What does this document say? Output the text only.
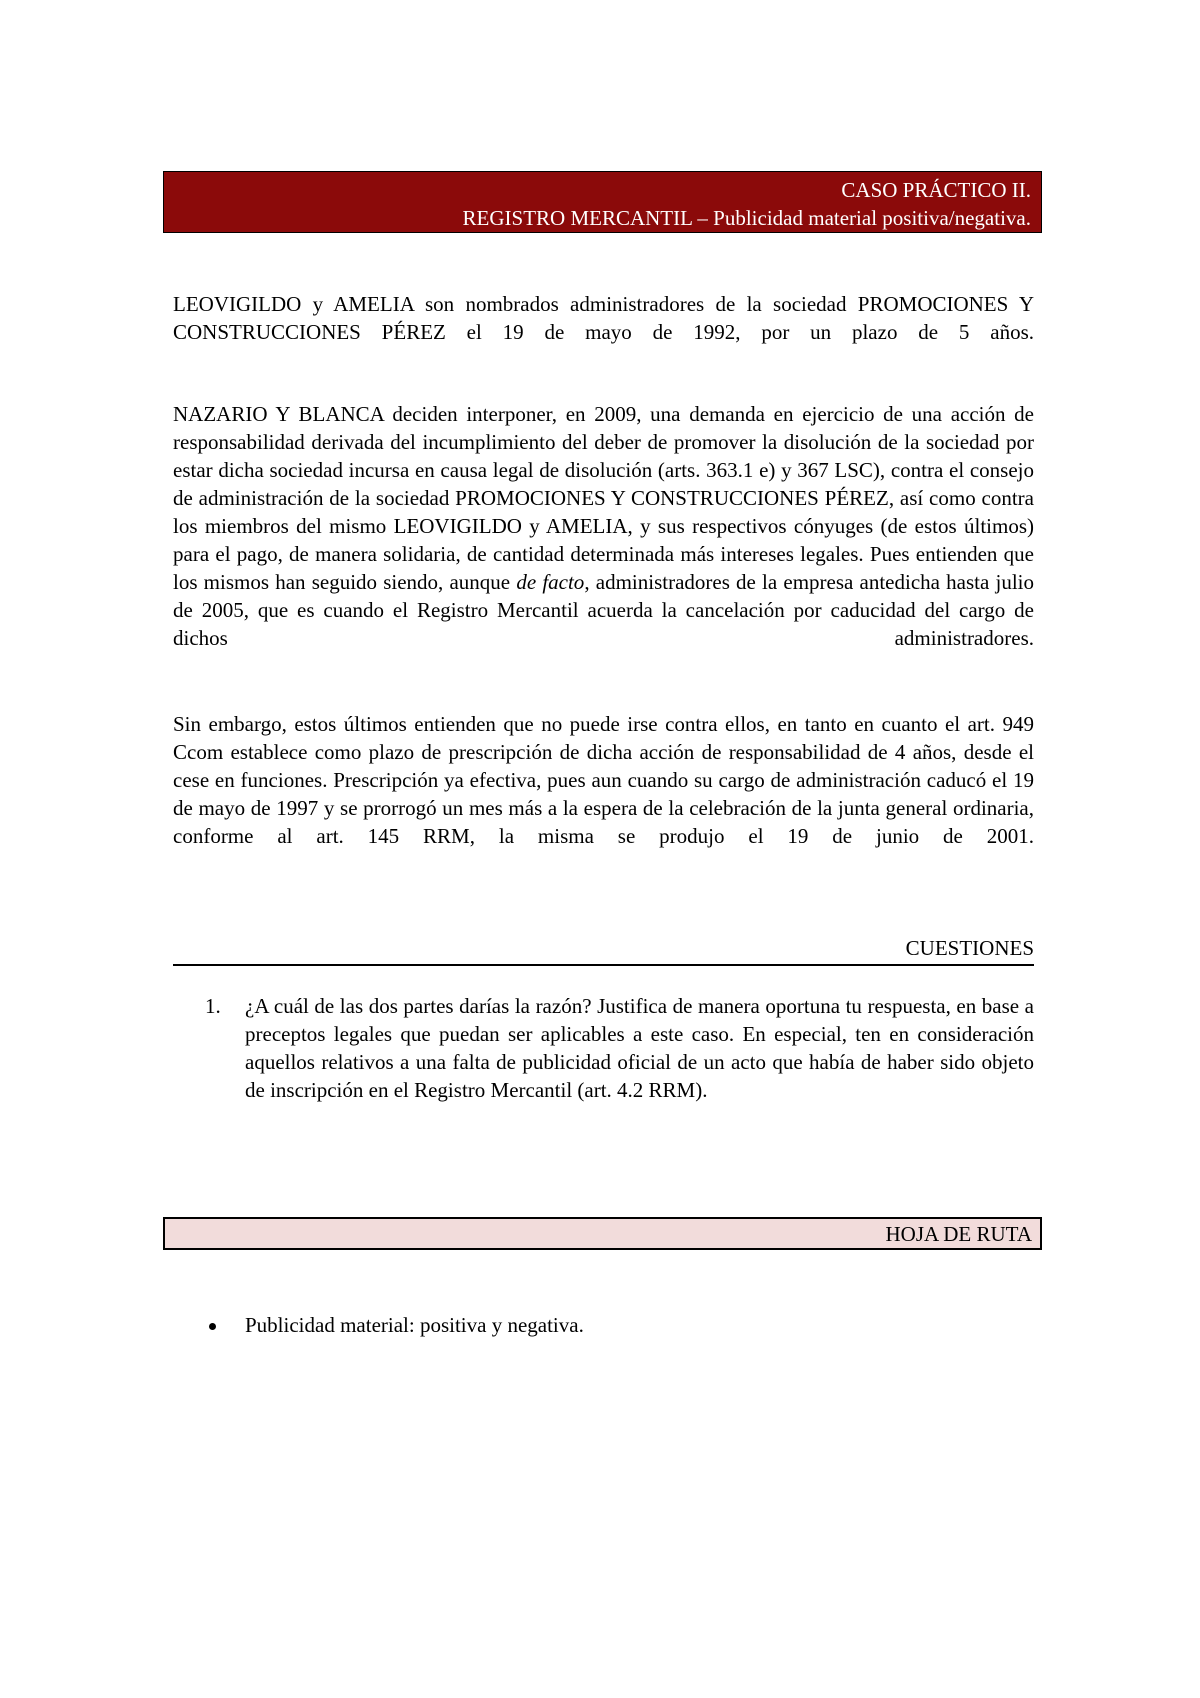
CASO PRÁCTICO II.
REGISTRO MERCANTIL – Publicidad material positiva/negativa.

LEOVIGILDO y AMELIA son nombrados administradores de la sociedad PROMOCIONES Y CONSTRUCCIONES PÉREZ el 19 de mayo de 1992, por un plazo de 5 años.

NAZARIO Y BLANCA deciden interponer, en 2009, una demanda en ejercicio de una acción de responsabilidad derivada del incumplimiento del deber de promover la disolución de la sociedad por estar dicha sociedad incursa en causa legal de disolución (arts. 363.1 e) y 367 LSC), contra el consejo de administración de la sociedad PROMOCIONES Y CONSTRUCCIONES PÉREZ, así como contra los miembros del mismo LEOVIGILDO y AMELIA, y sus respectivos cónyuges (de estos últimos) para el pago, de manera solidaria, de cantidad determinada más intereses legales. Pues entienden que los mismos han seguido siendo, aunque de facto, administradores de la empresa antedicha hasta julio de 2005, que es cuando el Registro Mercantil acuerda la cancelación por caducidad del cargo de dichos administradores.

Sin embargo, estos últimos entienden que no puede irse contra ellos, en tanto en cuanto el art. 949 Ccom establece como plazo de prescripción de dicha acción de responsabilidad de 4 años, desde el cese en funciones. Prescripción ya efectiva, pues aun cuando su cargo de administración caducó el 19 de mayo de 1997 y se prorrogó un mes más a la espera de la celebración de la junta general ordinaria, conforme al art. 145 RRM, la misma se produjo el 19 de junio de 2001.

CUESTIONES
1. ¿A cuál de las dos partes darías la razón? Justifica de manera oportuna tu respuesta, en base a preceptos legales que puedan ser aplicables a este caso. En especial, ten en consideración aquellos relativos a una falta de publicidad oficial de un acto que había de haber sido objeto de inscripción en el Registro Mercantil (art. 4.2 RRM).
HOJA DE RUTA
Publicidad material: positiva y negativa.
